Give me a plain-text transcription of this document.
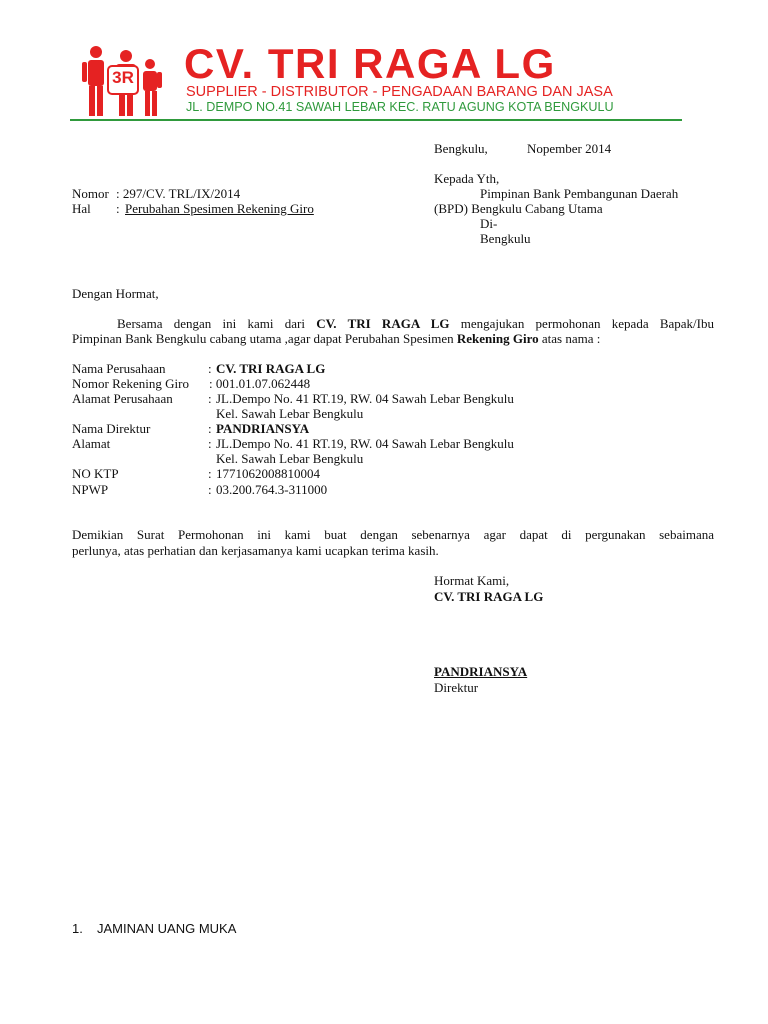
3R CV. TRI RAGA LG
SUPPLIER - DISTRIBUTOR - PENGADAAN BARANG DAN JASA
JL. DEMPO NO.41 SAWAH LEBAR KEC. RATU AGUNG KOTA BENGKULU
Bengkulu,	Nopember 2014
Kepada Yth,
Pimpinan Bank Pembangunan Daerah
(BPD) Bengkulu Cabang Utama
Di-
Bengkulu
Nomor : 297/CV. TRL/IX/2014
Hal : Perubahan Spesimen Rekening Giro
Dengan Hormat,
Bersama dengan ini kami dari CV. TRI RAGA LG mengajukan permohonan kepada Bapak/Ibu
Pimpinan Bank Bengkulu cabang utama ,agar dapat Perubahan Spesimen Rekening Giro atas nama :
Nama Perusahaan	: CV. TRI RAGA LG
Nomor Rekening Giro : 001.01.07.062448
Alamat Perusahaan	: JL.Dempo No. 41 RT.19, RW. 04 Sawah Lebar Bengkulu
Kel. Sawah Lebar Bengkulu
Nama Direktur	: PANDRIANSYA
Alamat	: JL.Dempo No. 41 RT.19, RW. 04 Sawah Lebar Bengkulu
Kel. Sawah Lebar Bengkulu
NO KTP	: 1771062008810004
NPWP	: 03.200.764.3-311000
Demikian Surat Permohonan ini kami buat dengan sebenarnya agar dapat di pergunakan sebaimana
perlunya, atas perhatian dan kerjasamanya kami ucapkan terima kasih.
Hormat Kami,
CV. TRI RAGA LG
PANDRIANSYA
Direktur
1. JAMINAN UANG MUKA
